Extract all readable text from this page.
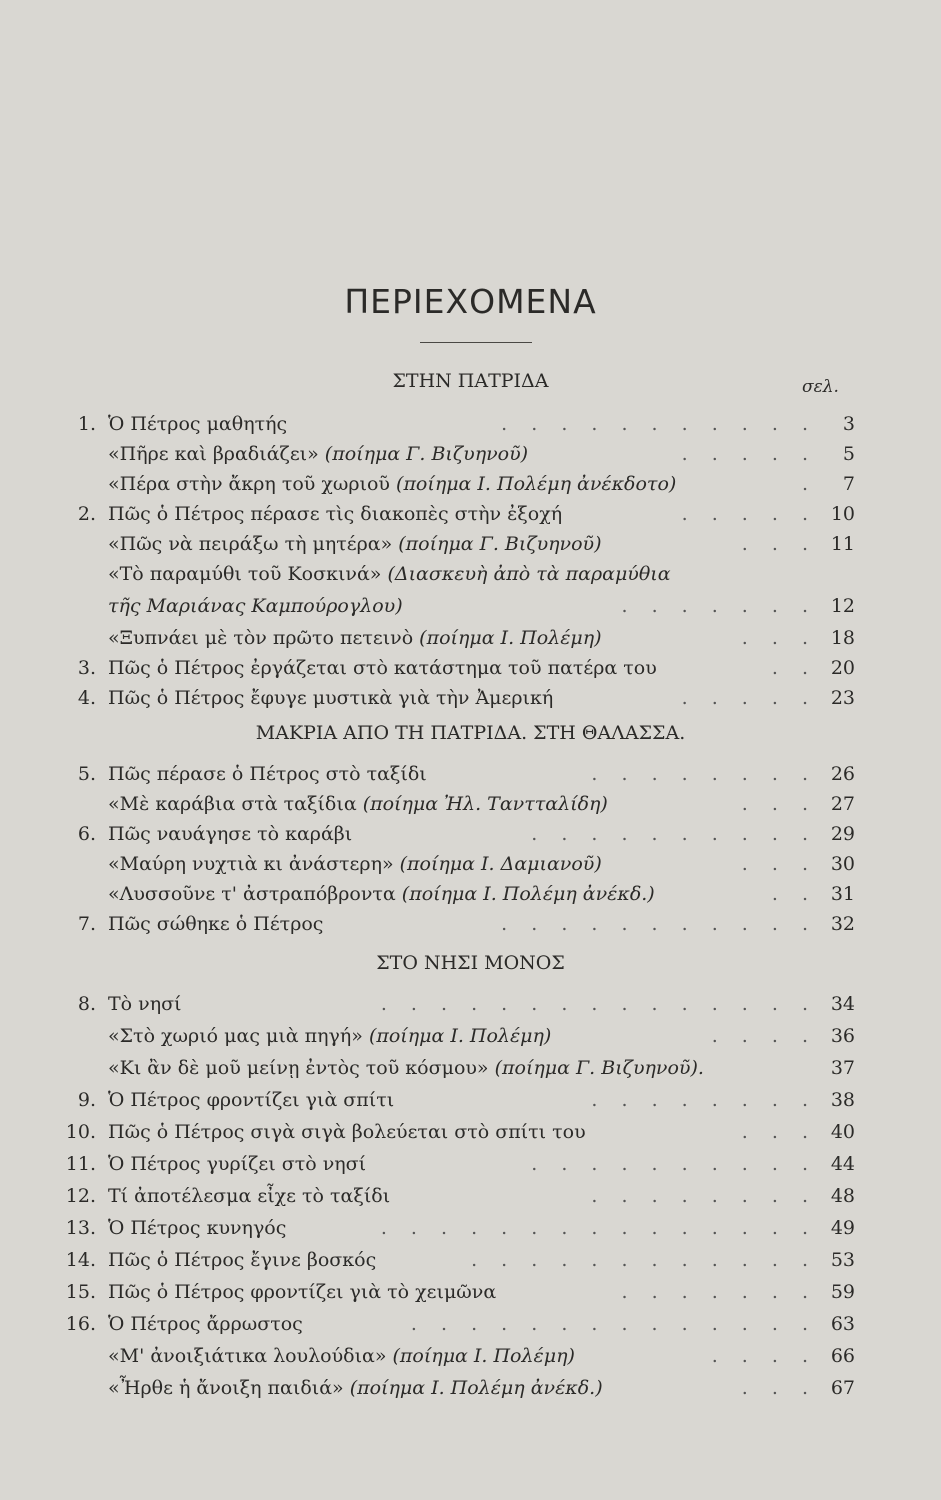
ΠΕΡΙΕΧΟΜΕΝΑ
ΣΤΗΝ ΠΑΤΡΙΔΑ	σελ.
1. Ὁ Πέτρος μαθητής	. . . . . . . . . . .	3
«Πῆρε καὶ βραδιάζει» (ποίημα Γ. Βιζυηνοῦ)	. . . . .	5
«Πέρα στὴν ἄκρη τοῦ χωριοῦ (ποίημα Ι. Πολέμη ἀνέκδοτο)	.	7
2. Πῶς ὁ Πέτρος πέρασε τὶς διακοπὲς στὴν ἐξοχή	. . . . . 10
«Πῶς νὰ πειράξω τὴ μητέρα» (ποίημα Γ. Βιζυηνοῦ)	. . . 11
«Τὸ παραμύθι τοῦ Κοσκινά» (Διασκευὴ ἀπὸ τὰ παραμύθια
τῆς Μαριάνας Καμπούρογλου)	. . . . . . . 12
«Ξυπνάει μὲ τὸν πρῶτο πετεινὸ (ποίημα Ι. Πολέμη)	. . . 18
3. Πῶς ὁ Πέτρος ἐργάζεται στὸ κατάστημα τοῦ πατέρα του	. . 20
4. Πῶς ὁ Πέτρος ἔφυγε μυστικὰ γιὰ τὴν Ἀμερική	. . . . . 23
ΜΑΚΡΙΑ ΑΠΟ ΤΗ ΠΑΤΡΙΔΑ. ΣΤΗ ΘΑΛΑΣΣΑ.
5. Πῶς πέρασε ὁ Πέτρος στὸ ταξίδι	. . . . . . . . 26
«Μὲ καράβια στὰ ταξίδια (ποίημα Ἠλ. Ταντταλίδη)	. . . 27
6. Πῶς ναυάγησε τὸ καράβι	. . . . . . . . . . 29
«Μαύρη νυχτιὰ κι ἀνάστερη» (ποίημα Ι. Δαμιανοῦ)	. . . 30
«Λυσσοῦνε τ' ἀστραπόβροντα (ποίημα Ι. Πολέμη ἀνέκδ.)	. . 31
7. Πῶς σώθηκε ὁ Πέτρος	. . . . . . . . . . . 32
ΣΤΟ ΝΗΣΙ ΜΟΝΟΣ
8. Τὸ νησί	. . . . . . . . . . . . . . . 34
«Στὸ χωριό μας μιὰ πηγή» (ποίημα Ι. Πολέμη)	. . . . 36
«Κι ἂν δὲ μοῦ μείνῃ ἐντὸς τοῦ κόσμου» (ποίημα Γ. Βιζυηνοῦ).	37
9. Ὁ Πέτρος φροντίζει γιὰ σπίτι	. . . . . . . . 38
10. Πῶς ὁ Πέτρος σιγὰ σιγὰ βολεύεται στὸ σπίτι του	. . . 40
11. Ὁ Πέτρος γυρίζει στὸ νησί	. . . . . . . . . . 44
12. Τί ἀποτέλεσμα εἶχε τὸ ταξίδι	. . . . . . . . 48
13. Ὁ Πέτρος κυνηγός	. . . . . . . . . . . . . . . 49
14. Πῶς ὁ Πέτρος ἔγινε βοσκός	. . . . . . . . . . . . 53
15. Πῶς ὁ Πέτρος φροντίζει γιὰ τὸ χειμῶνα	. . . . . . . 59
16. Ὁ Πέτρος ἄρρωστος	. . . . . . . . . . . . . . 63
«Μ' ἀνοιξιάτικα λουλούδια» (ποίημα Ι. Πολέμη)	. . . . 66
«Ἦρθε ἡ ἄνοιξη παιδιά» (ποίημα Ι. Πολέμη ἀνέκδ.)	. . . 67
